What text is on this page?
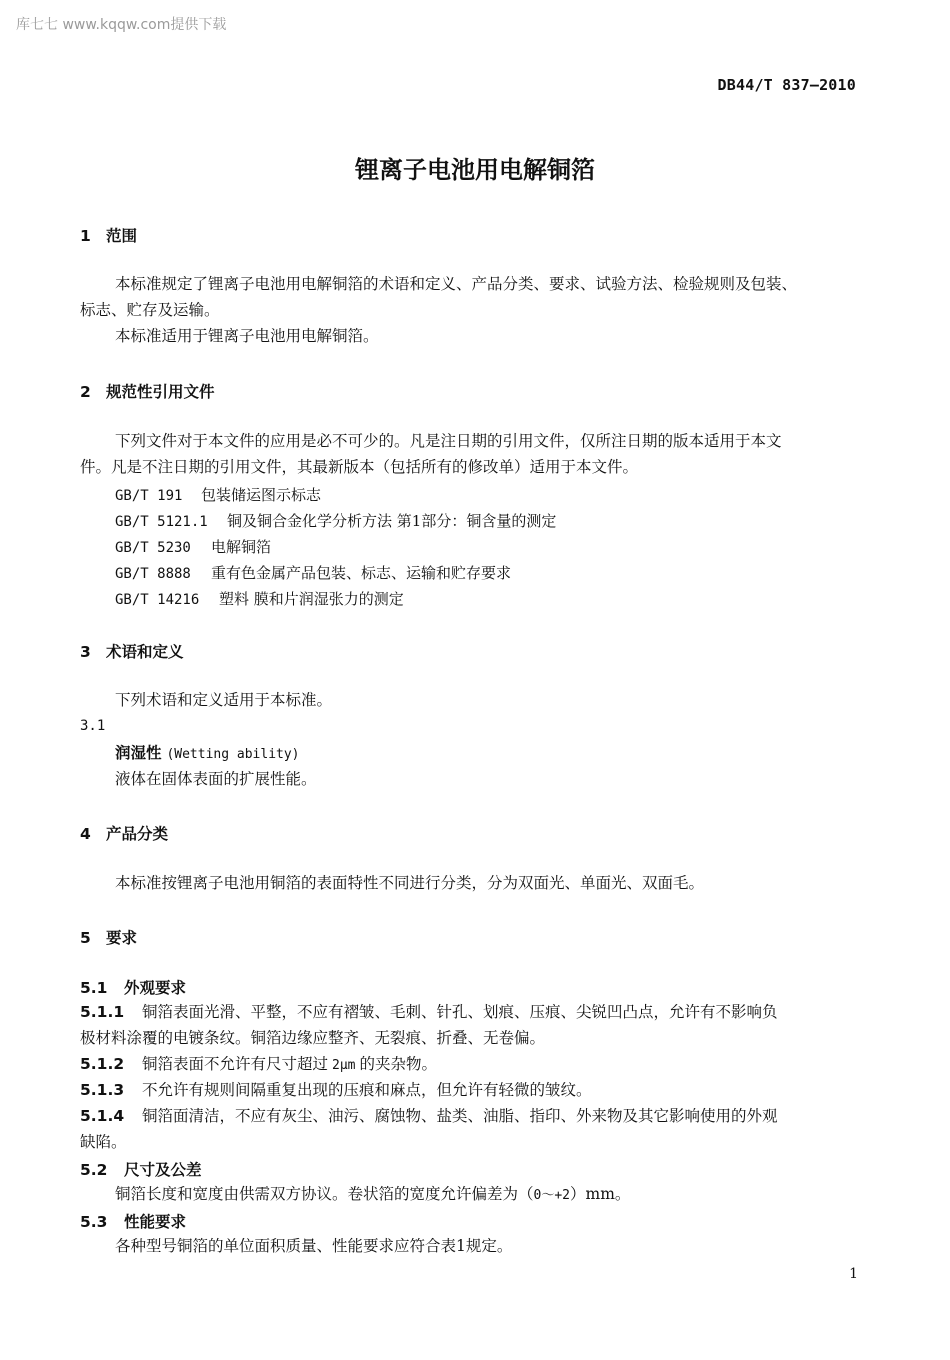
库七七 www.kqqw.com提供下载
DB44/T 837—2010
锂离子电池用电解铜箔
1 范围
本标准规定了锂离子电池用电解铜箔的术语和定义、产品分类、要求、试验方法、检验规则及包装、
标志、贮存及运输。
本标准适用于锂离子电池用电解铜箔。
2 规范性引用文件
下列文件对于本文件的应用是必不可少的。凡是注日期的引用文件，仅所注日期的版本适用于本文
件。凡是不注日期的引用文件，其最新版本（包括所有的修改单）适用于本文件。
GB/T 191 包装储运图示标志
GB/T 5121.1 铜及铜合金化学分析方法 第1部分：铜含量的测定
GB/T 5230 电解铜箔
GB/T 8888 重有色金属产品包装、标志、运输和贮存要求
GB/T 14216 塑料 膜和片润湿张力的测定
3 术语和定义
下列术语和定义适用于本标准。
3.1
润湿性 (Wetting ability)
液体在固体表面的扩展性能。
4 产品分类
本标准按锂离子电池用铜箔的表面特性不同进行分类，分为双面光、单面光、双面毛。
5 要求
5.1 外观要求
5.1.1 铜箔表面光滑、平整，不应有褶皱、毛刺、针孔、划痕、压痕、尖锐凹凸点，允许有不影响负
极材料涂覆的电镀条纹。铜箔边缘应整齐、无裂痕、折叠、无卷偏。
5.1.2 铜箔表面不允许有尺寸超过 2μm 的夹杂物。
5.1.3 不允许有规则间隔重复出现的压痕和麻点，但允许有轻微的皱纹。
5.1.4 铜箔面清洁，不应有灰尘、油污、腐蚀物、盐类、油脂、指印、外来物及其它影响使用的外观
缺陷。
5.2 尺寸及公差
铜箔长度和宽度由供需双方协议。卷状箔的宽度允许偏差为（0～+2）mm。
5.3 性能要求
各种型号铜箔的单位面积质量、性能要求应符合表1规定。
1
